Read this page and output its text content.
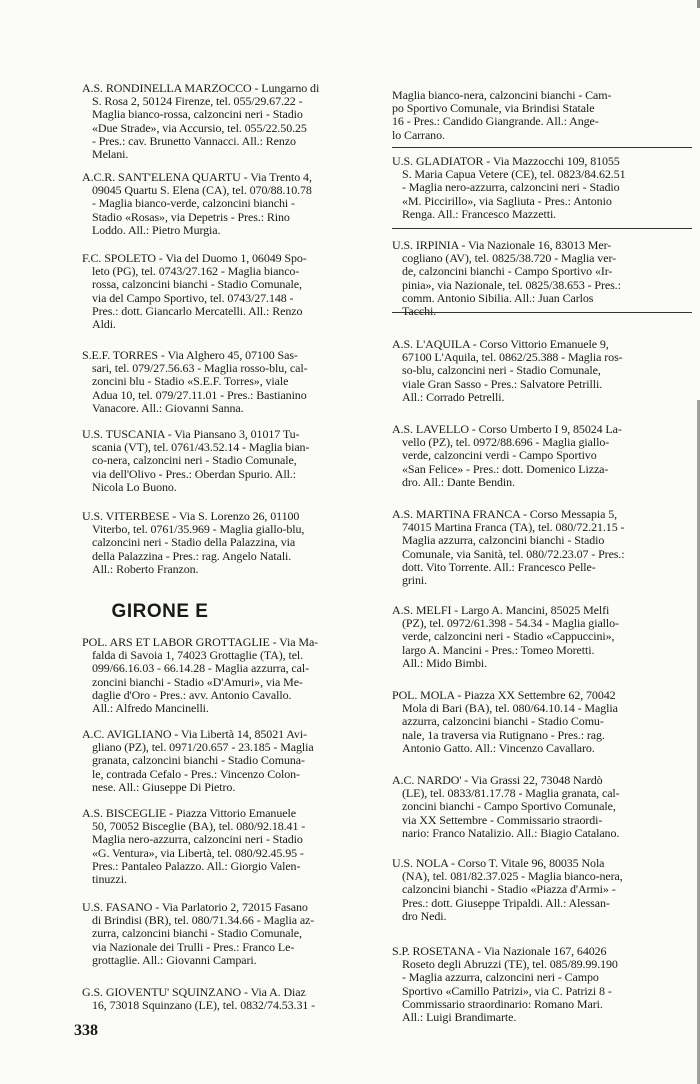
A.S. RONDINELLA MARZOCCO - Lungarno di
S. Rosa 2, 50124 Firenze, tel. 055/29.67.22 -
Maglia bianco-rossa, calzoncini neri - Stadio
«Due Strade», via Accursio, tel. 055/22.50.25
- Pres.: cav. Brunetto Vannacci. All.: Renzo
Melani.
A.C.R. SANT'ELENA QUARTU - Via Trento 4,
09045 Quartu S. Elena (CA), tel. 070/88.10.78
- Maglia bianco-verde, calzoncini bianchi -
Stadio «Rosas», via Depetris - Pres.: Rino
Loddo. All.: Pietro Murgia.
F.C. SPOLETO - Via del Duomo 1, 06049 Spo-
leto (PG), tel. 0743/27.162 - Maglia bianco-
rossa, calzoncini bianchi - Stadio Comunale,
via del Campo Sportivo, tel. 0743/27.148 -
Pres.: dott. Giancarlo Mercatelli. All.: Renzo
Aldi.
S.E.F. TORRES - Via Alghero 45, 07100 Sas-
sari, tel. 079/27.56.63 - Maglia rosso-blu, cal-
zoncini blu - Stadio «S.E.F. Torres», viale
Adua 10, tel. 079/27.11.01 - Pres.: Bastianino
Vanacore. All.: Giovanni Sanna.
U.S. TUSCANIA - Via Piansano 3, 01017 Tu-
scania (VT), tel. 0761/43.52.14 - Maglia bian-
co-nera, calzoncini neri - Stadio Comunale,
via dell'Olivo - Pres.: Oberdan Spurio. All.:
Nicola Lo Buono.
U.S. VITERBESE - Via S. Lorenzo 26, 01100
Viterbo, tel. 0761/35.969 - Maglia giallo-blu,
calzoncini neri - Stadio della Palazzina, via
della Palazzina - Pres.: rag. Angelo Natali.
All.: Roberto Franzon.
GIRONE E
POL. ARS ET LABOR GROTTAGLIE - Via Ma-
falda di Savoia 1, 74023 Grottaglie (TA), tel.
099/66.16.03 - 66.14.28 - Maglia azzurra, cal-
zoncini bianchi - Stadio «D'Amuri», via Me-
daglie d'Oro - Pres.: avv. Antonio Cavallo.
All.: Alfredo Mancinelli.
A.C. AVIGLIANO - Via Libertà 14, 85021 Avi-
gliano (PZ), tel. 0971/20.657 - 23.185 - Maglia
granata, calzoncini bianchi - Stadio Comuna-
le, contrada Cefalo - Pres.: Vincenzo Colon-
nese. All.: Giuseppe Di Pietro.
A.S. BISCEGLIE - Piazza Vittorio Emanuele
50, 70052 Bisceglie (BA), tel. 080/92.18.41 -
Maglia nero-azzurra, calzoncini neri - Stadio
«G. Ventura», via Libertà, tel. 080/92.45.95 -
Pres.: Pantaleo Palazzo. All.: Giorgio Valen-
tinuzzi.
U.S. FASANO - Via Parlatorio 2, 72015 Fasano
di Brindisi (BR), tel. 080/71.34.66 - Maglia az-
zurra, calzoncini bianchi - Stadio Comunale,
via Nazionale dei Trulli - Pres.: Franco Le-
grottaglie. All.: Giovanni Campari.
G.S. GIOVENTU' SQUINZANO - Via A. Diaz
16, 73018 Squinzano (LE), tel. 0832/74.53.31 -
Maglia bianco-nera, calzoncini bianchi - Cam-
po Sportivo Comunale, via Brindisi Statale
16 - Pres.: Candido Giangrande. All.: Ange-
lo Carrano.
U.S. GLADIATOR - Via Mazzocchi 109, 81055
S. Maria Capua Vetere (CE), tel. 0823/84.62.51
- Maglia nero-azzurra, calzoncini neri - Stadio
«M. Piccirillo», via Sagliuta - Pres.: Antonio
Renga. All.: Francesco Mazzetti.
U.S. IRPINIA - Via Nazionale 16, 83013 Mer-
cogliano (AV), tel. 0825/38.720 - Maglia ver-
de, calzoncini bianchi - Campo Sportivo «Ir-
pinia», via Nazionale, tel. 0825/38.653 - Pres.:
comm. Antonio Sibilia. All.: Juan Carlos
Tacchi.
A.S. L'AQUILA - Corso Vittorio Emanuele 9,
67100 L'Aquila, tel. 0862/25.388 - Maglia ros-
so-blu, calzoncini neri - Stadio Comunale,
viale Gran Sasso - Pres.: Salvatore Petrilli.
All.: Corrado Petrelli.
A.S. LAVELLO - Corso Umberto I 9, 85024 La-
vello (PZ), tel. 0972/88.696 - Maglia giallo-
verde, calzoncini verdi - Campo Sportivo
«San Felice» - Pres.: dott. Domenico Lizza-
dro. All.: Dante Bendin.
A.S. MARTINA FRANCA - Corso Messapia 5,
74015 Martina Franca (TA), tel. 080/72.21.15 -
Maglia azzurra, calzoncini bianchi - Stadio
Comunale, via Sanità, tel. 080/72.23.07 - Pres.:
dott. Vito Torrente. All.: Francesco Pelle-
grini.
A.S. MELFI - Largo A. Mancini, 85025 Melfi
(PZ), tel. 0972/61.398 - 54.34 - Maglia giallo-
verde, calzoncini neri - Stadio «Cappuccini»,
largo A. Mancini - Pres.: Tomeo Moretti.
All.: Mido Bimbi.
POL. MOLA - Piazza XX Settembre 62, 70042
Mola di Bari (BA), tel. 080/64.10.14 - Maglia
azzurra, calzoncini bianchi - Stadio Comu-
nale, 1a traversa via Rutignano - Pres.: rag.
Antonio Gatto. All.: Vincenzo Cavallaro.
A.C. NARDO' - Via Grassi 22, 73048 Nardò
(LE), tel. 0833/81.17.78 - Maglia granata, cal-
zoncini bianchi - Campo Sportivo Comunale,
via XX Settembre - Commissario straordi-
nario: Franco Natalizio. All.: Biagio Catalano.
U.S. NOLA - Corso T. Vitale 96, 80035 Nola
(NA), tel. 081/82.37.025 - Maglia bianco-nera,
calzoncini bianchi - Stadio «Piazza d'Armi» -
Pres.: dott. Giuseppe Tripaldi. All.: Alessan-
dro Nedi.
S.P. ROSETANA - Via Nazionale 167, 64026
Roseto degli Abruzzi (TE), tel. 085/89.99.190
- Maglia azzurra, calzoncini neri - Campo
Sportivo «Camillo Patrizi», via C. Patrizi 8 -
Commissario straordinario: Romano Mari.
All.: Luigi Brandimarte.
338
